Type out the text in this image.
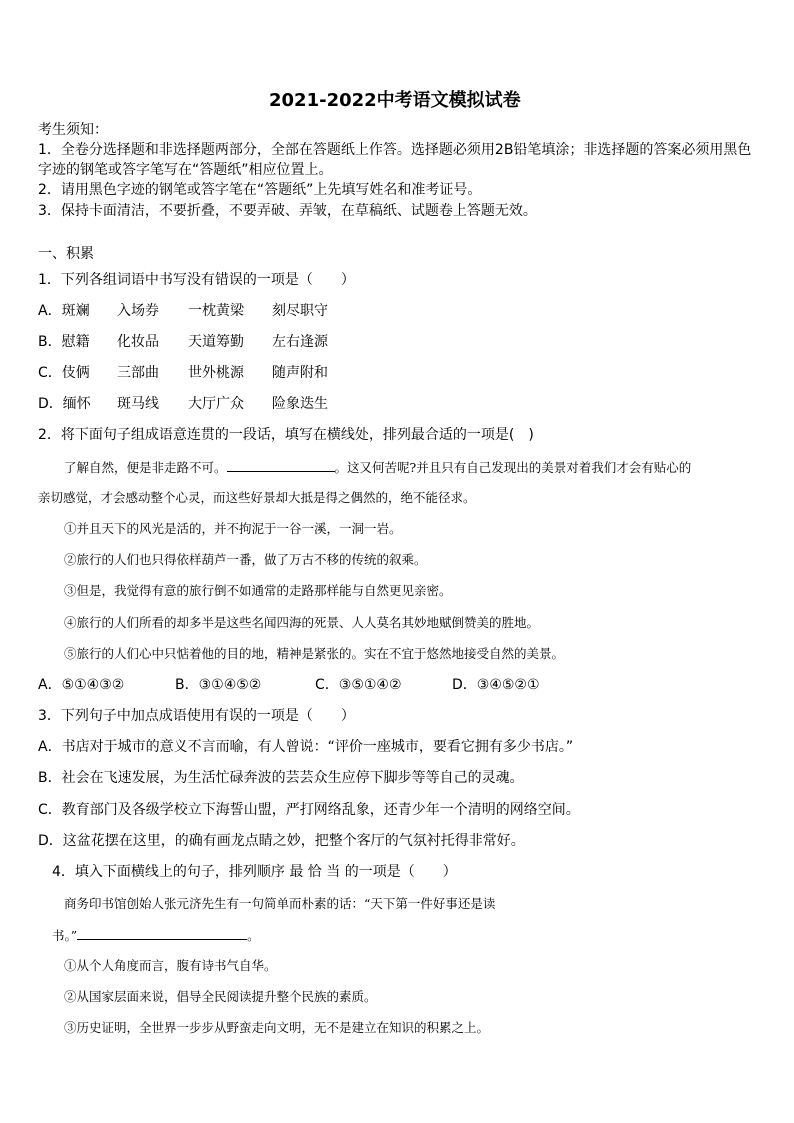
2021-2022中考语文模拟试卷
考生须知：
1．全卷分选择题和非选择题两部分，全部在答题纸上作答。选择题必须用2B铅笔填涂；非选择题的答案必须用黑色
字迹的钢笔或答字笔写在“答题纸”相应位置上。
2．请用黑色字迹的钢笔或答字笔在“答题纸”上先填写姓名和准考证号。
3．保持卡面清洁，不要折叠，不要弄破、弄皱，在草稿纸、试题卷上答题无效。
一、积累
1．下列各组词语中书写没有错误的一项是（　　）
A．斑斓 入场券 一枕黄梁 刻尽职守
B．慰籍 化妆品 天道筹勤 左右逢源
C．伎俩 三部曲 世外桃源 随声附和
D．缅怀 斑马线 大厅广众 险象迭生
2．将下面句子组成语意连贯的一段话，填写在横线处，排列最合适的一项是(　)
了解自然，便是非走路不可。	。这又何苦呢?并且只有自己发现出的美景对着我们才会有贴心的
亲切感觉，才会感动整个心灵，而这些好景却大抵是得之偶然的，绝不能径求。
①并且天下的风光是活的，并不拘泥于一谷一溪，一洞一岩。
②旅行的人们也只得依样葫芦一番，做了万古不移的传统的叙乘。
③但是，我觉得有意的旅行倒不如通常的走路那样能与自然更见亲密。
④旅行的人们所看的却多半是这些名闻四海的死景、人人莫名其妙地赋倒赞美的胜地。
⑤旅行的人们心中只惦着他的目的地，精神是紧张的。实在不宜于悠然地接受自然的美景。
A．⑤①④③②	B．③①④⑤②	C．③⑤①④②	D．③④⑤②①
3．下列句子中加点成语使用有误的一项是（　　）
A．书店对于城市的意义不言而喻，有人曾说：“评价一座城市，要看它拥有多少书店。”
B．社会在飞速发展，为生活忙碌奔波的芸芸众生应停下脚步等等自己的灵魂。
C．教育部门及各级学校立下海誓山盟，严打网络乱象，还青少年一个清明的网络空间。
D．这盆花摆在这里，的确有画龙点睛之妙，把整个客厅的气氛衬托得非常好。
4．填入下面横线上的句子，排列顺序 最 恰 当 的一项是（　　）
商务印书馆创始人张元济先生有一句简单而朴素的话：“天下第一件好事还是读
书。”	。
①从个人角度而言，腹有诗书气自华。
②从国家层面来说，倡导全民阅读提升整个民族的素质。
③历史证明，全世界一步步从野蛮走向文明，无不是建立在知识的积累之上。
